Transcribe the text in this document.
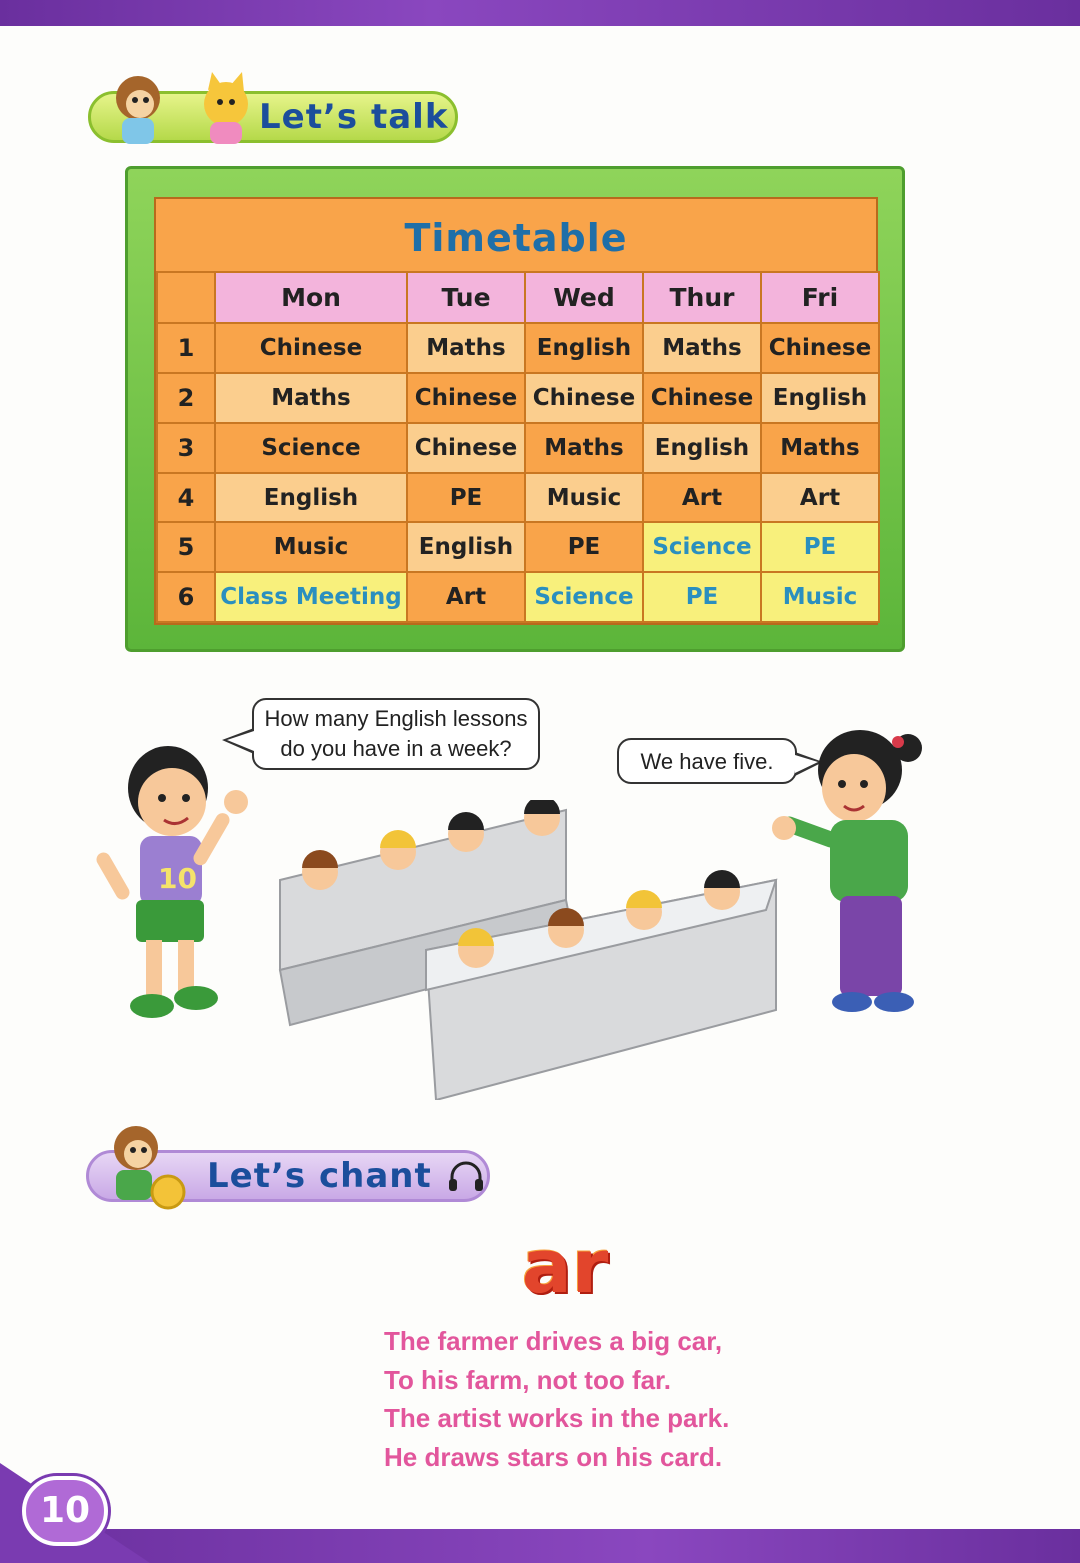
Let’s talk
Timetable
	Mon	Tue	Wed	Thur	Fri
1	Chinese	Maths	English	Maths	Chinese
2	Maths	Chinese	Chinese	Chinese	English
3	Science	Chinese	Maths	English	Maths
4	English	PE	Music	Art	Art
5	Music	English	PE	Science	PE
6	Class Meeting	Art	Science	PE	Music
How many English lessons
do you have in a week?
We have five.
10
Let’s chant
ar
The farmer drives a big car,
To his farm, not too far.
The artist works in the park.
He draws stars on his card.
10
